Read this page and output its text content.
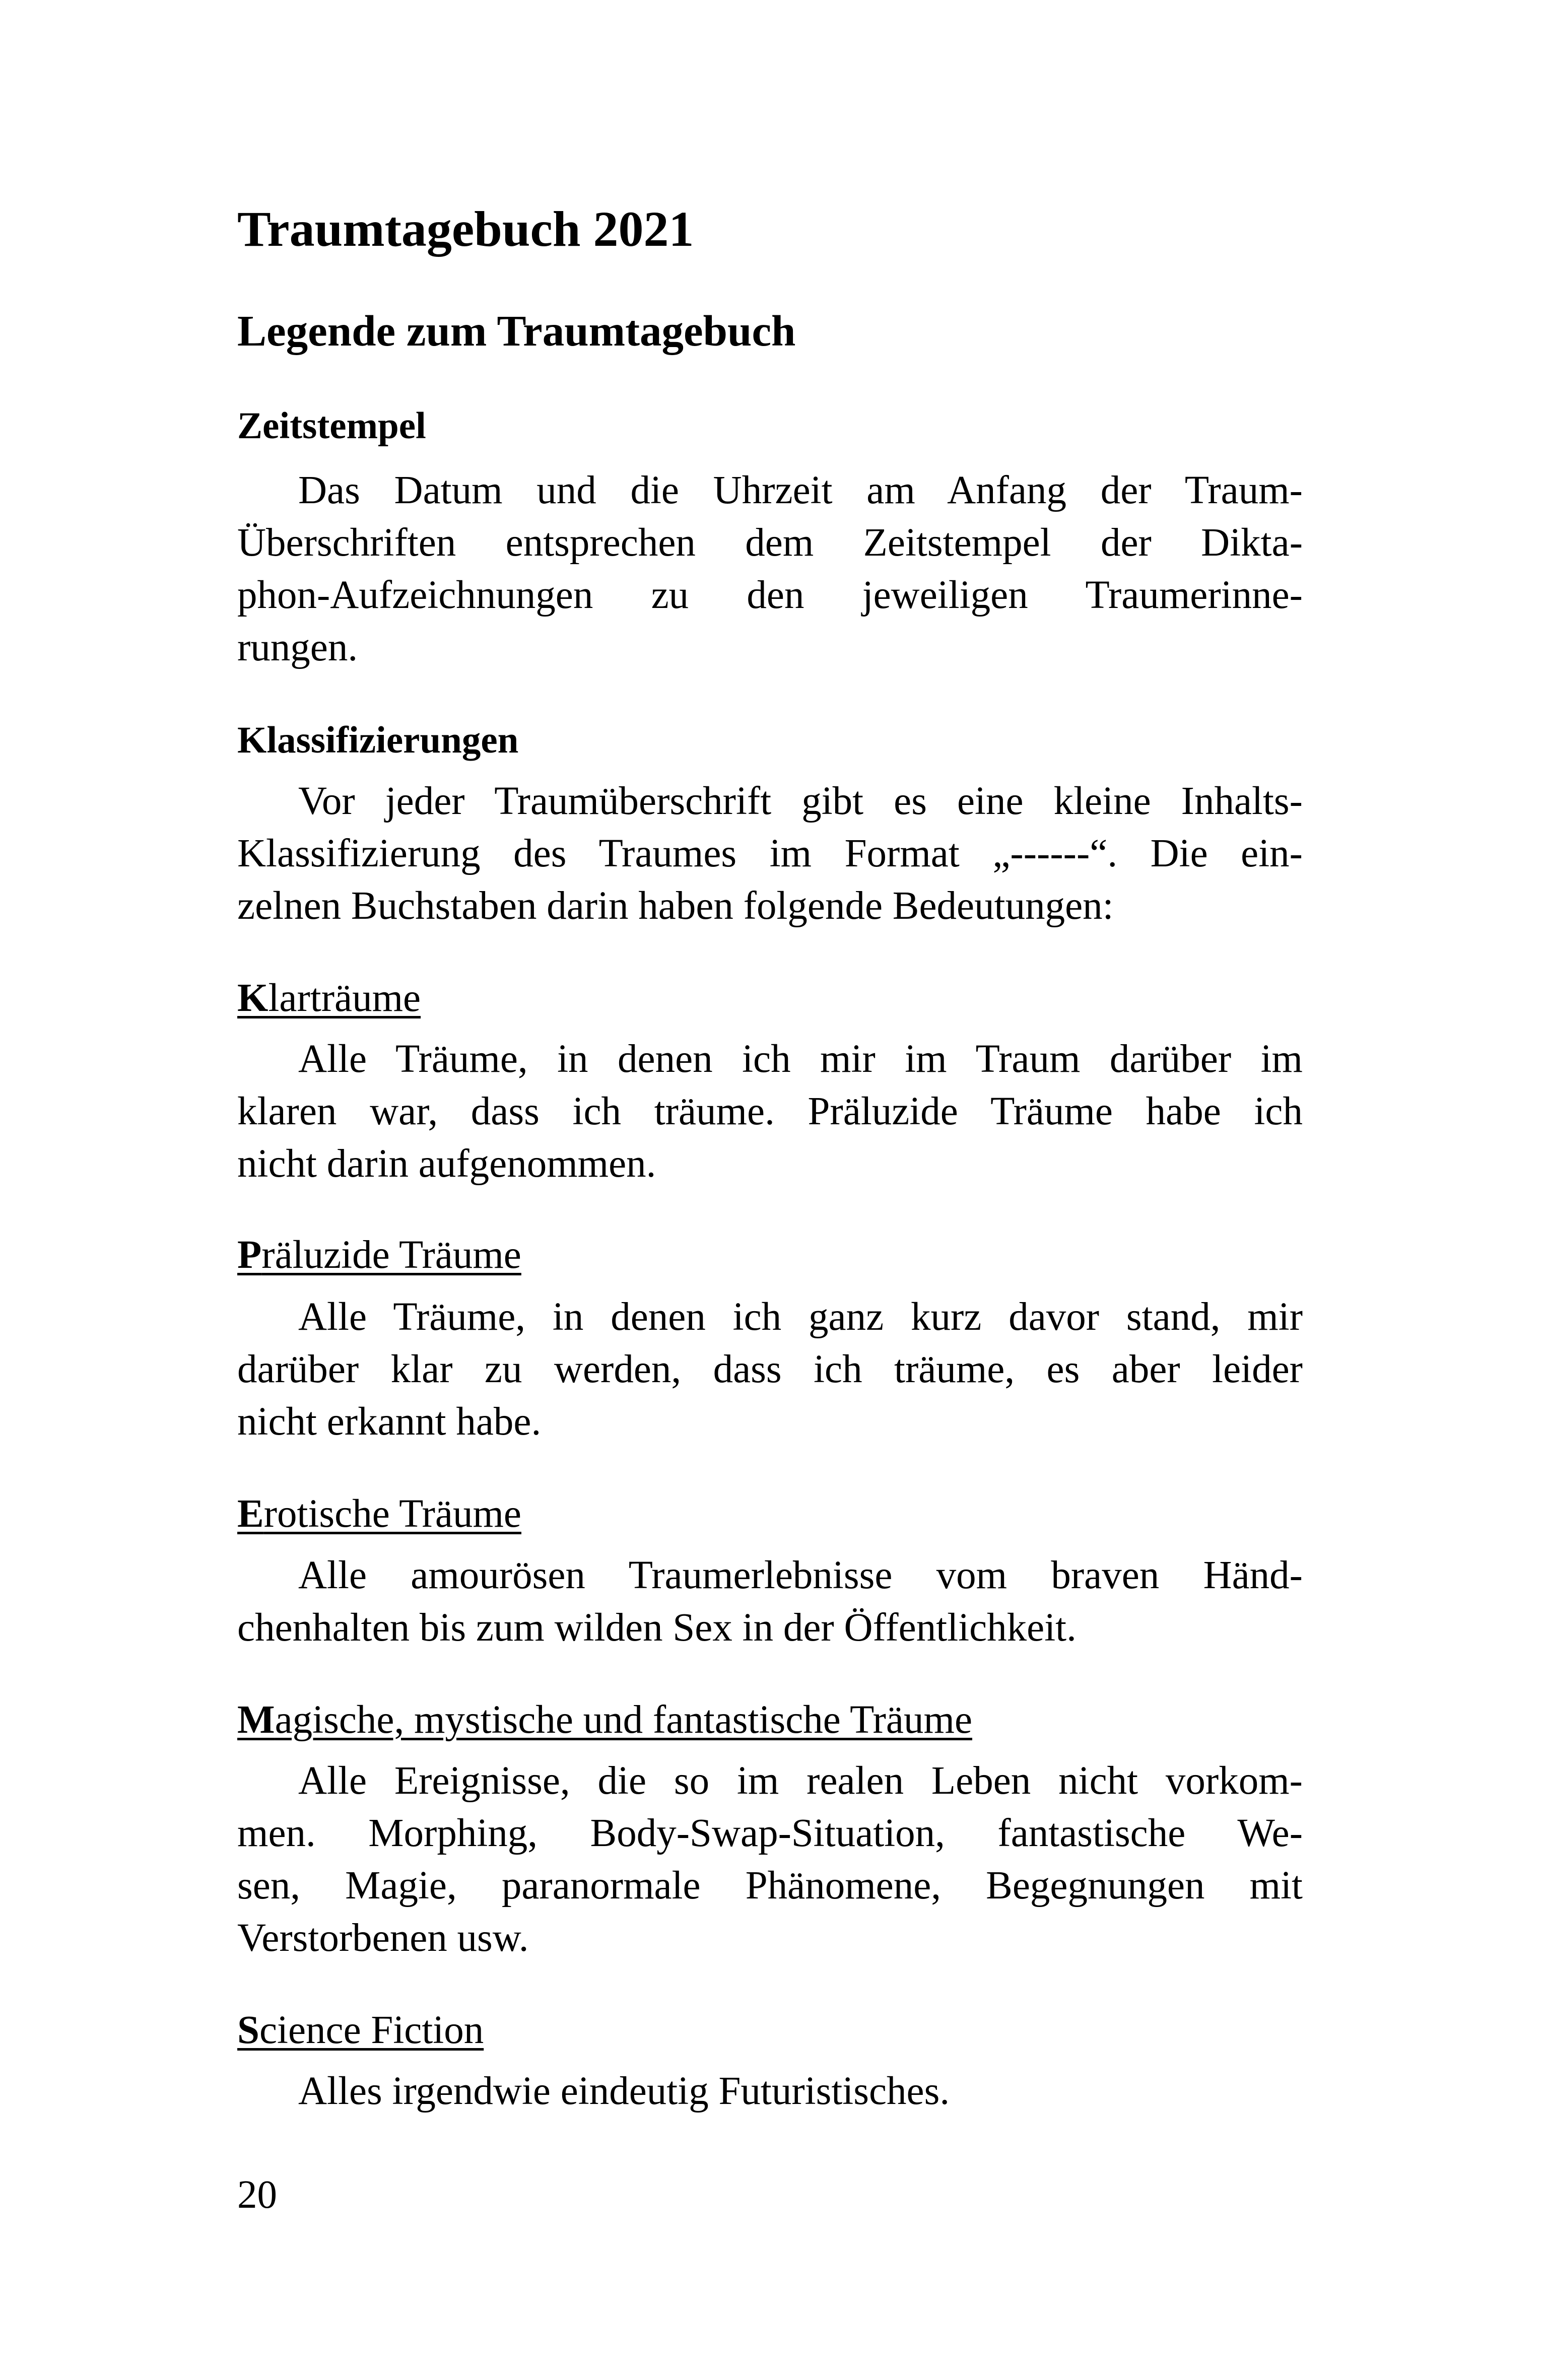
Traumtagebuch 2021
Legende zum Traumtagebuch
Zeitstempel
Das Datum und die Uhrzeit am Anfang der Traum-
Überschriften entsprechen dem Zeitstempel der Dikta-
phon-Aufzeichnungen zu den jeweiligen Traumerinne-
rungen.
Klassifizierungen
Vor jeder Traumüberschrift gibt es eine kleine Inhalts-
Klassifizierung des Traumes im Format „------“. Die ein-
zelnen Buchstaben darin haben folgende Bedeutungen:
Klarträume
Alle Träume, in denen ich mir im Traum darüber im
klaren war, dass ich träume. Präluzide Träume habe ich
nicht darin aufgenommen.
Präluzide Träume
Alle Träume, in denen ich ganz kurz davor stand, mir
darüber klar zu werden, dass ich träume, es aber leider
nicht erkannt habe.
Erotische Träume
Alle amourösen Traumerlebnisse vom braven Händ-
chenhalten bis zum wilden Sex in der Öffentlichkeit.
Magische, mystische und fantastische Träume
Alle Ereignisse, die so im realen Leben nicht vorkom-
men. Morphing, Body-Swap-Situation, fantastische We-
sen, Magie, paranormale Phänomene, Begegnungen mit
Verstorbenen usw.
Science Fiction
Alles irgendwie eindeutig Futuristisches.
20
